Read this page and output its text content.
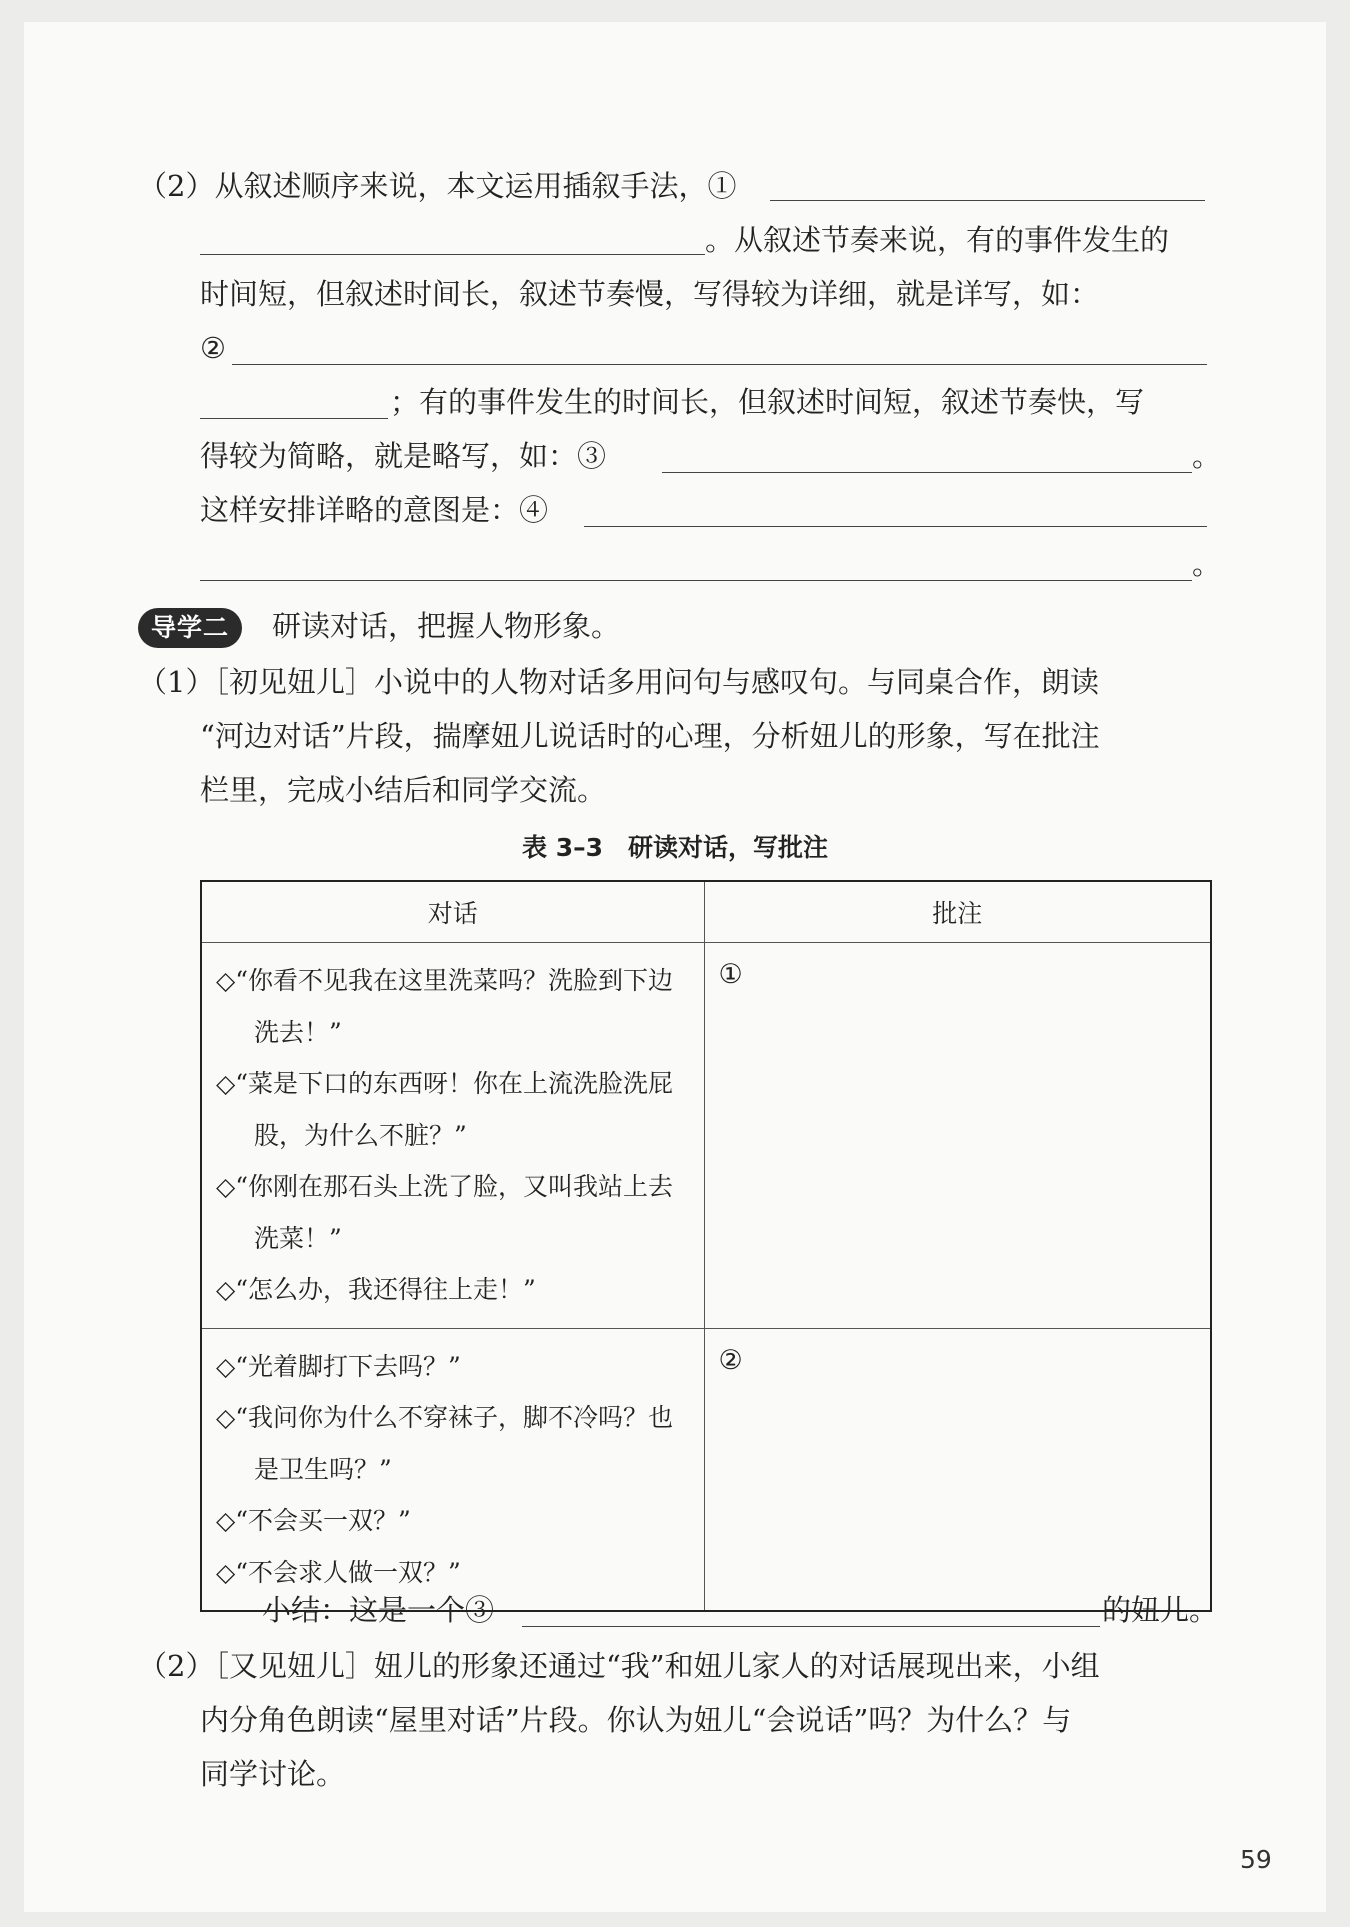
（2）从叙述顺序来说，本文运用插叙手法，①
。从叙述节奏来说，有的事件发生的
时间短，但叙述时间长，叙述节奏慢，写得较为详细，就是详写，如：
②
；有的事件发生的时间长，但叙述时间短，叙述节奏快，写
得较为简略，就是略写，如：③	。
这样安排详略的意图是：④
。
导学二	研读对话，把握人物形象。
（1）［初见妞儿］小说中的人物对话多用问句与感叹句。与同桌合作，朗读
“河边对话”片段，揣摩妞儿说话时的心理，分析妞儿的形象，写在批注
栏里，完成小结后和同学交流。
表 3–3　研读对话，写批注
对话	批注

◇“你看不见我在这里洗菜吗？洗脸到下边洗去！”
◇“菜是下口的东西呀！你在上流洗脸洗屁股，为什么不脏？”
◇“你刚在那石头上洗了脸，又叫我站上去洗菜！”
◇“怎么办，我还得往上走！”	①

◇“光着脚打下去吗？”
◇“我问你为什么不穿袜子，脚不冷吗？也是卫生吗？”
◇“不会买一双？”
◇“不会求人做一双？”	②
小结：这是一个③	的妞儿。
（2）［又见妞儿］妞儿的形象还通过“我”和妞儿家人的对话展现出来，小组
内分角色朗读“屋里对话”片段。你认为妞儿“会说话”吗？为什么？与
同学讨论。
59
